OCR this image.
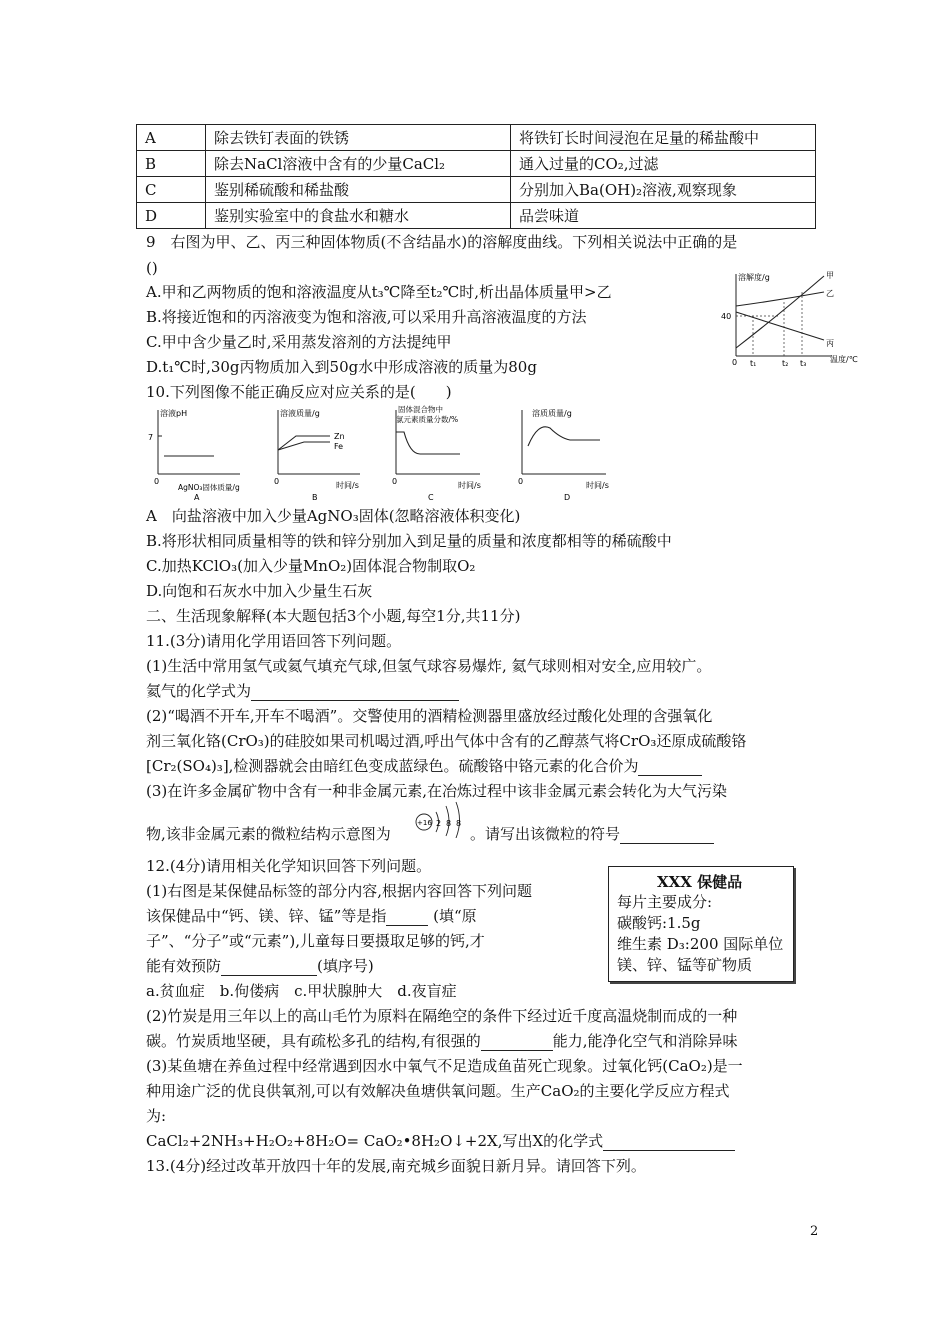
A	除去铁钉表面的铁锈	将铁钉长时间浸泡在足量的稀盐酸中
B	除去NaCl溶液中含有的少量CaCl₂	通入过量的CO₂,过滤
C	鉴别稀硫酸和稀盐酸	分别加入Ba(OH)₂溶液,观察现象
D	鉴别实验室中的食盐水和糖水	品尝味道
9　右图为甲、乙、丙三种固体物质(不含结晶水)的溶解度曲线。下列相关说法中正确的是
()
A.甲和乙两物质的饱和溶液温度从t₃℃降至t₂℃时,析出晶体质量甲>乙
B.将接近饱和的丙溶液变为饱和溶液,可以采用升高溶液温度的方法
C.甲中含少量乙时,采用蒸发溶剂的方法提纯甲
D.t₁℃时,30g丙物质加入到50g水中形成溶液的质量为80g
溶解度/g
温度/℃
40
0 t₁	t₂ t₃
甲
乙
丙
10.下列图像不能正确反应对应关系的是(　　)
溶液pH
7
0
AgNO₃固体质量/g
A
溶液质量/g
0	时间/s
B
Zn
Fe
固体混合物中
氯元素质量分数/%
0	时间/s
C
溶质质量/g
0	时间/s
D
A　向盐溶液中加入少量AgNO₃固体(忽略溶液体积变化)
B.将形状相同质量相等的铁和锌分别加入到足量的质量和浓度都相等的稀硫酸中
C.加热KClO₃(加入少量MnO₂)固体混合物制取O₂
D.向饱和石灰水中加入少量生石灰
二、生活现象解释(本大题包括3个小题,每空1分,共11分)
11.(3分)请用化学用语回答下列问题。
(1)生活中常用氢气或氦气填充气球,但氢气球容易爆炸, 氦气球则相对安全,应用较广。
氦气的化学式为
(2)“喝酒不开车,开车不喝酒”。交警使用的酒精检测器里盛放经过酸化处理的含强氧化
剂三氧化铬(CrO₃)的硅胶如果司机喝过酒,呼出气体中含有的乙醇蒸气将CrO₃还原成硫酸铬
[Cr₂(SO₄)₃],检测器就会由暗红色变成蓝绿色。硫酸铬中铬元素的化合价为
(3)在许多金属矿物中含有一种非金属元素,在冶炼过程中该非金属元素会转化为大气污染
物,该非金属元素的微粒结构示意图为
+16 2 8 8
。请写出该微粒的符号
12.(4分)请用相关化学知识回答下列问题。
(1)右图是某保健品标签的部分内容,根据内容回答下列问题
该保健品中“钙、镁、锌、锰”等是指	(填“原
子”、“分子”或“元素”),儿童每日要摄取足够的钙,才
能有效预防	(填序号)
a.贫血症　b.佝偻病　c.甲状腺肿大　d.夜盲症
XXX 保健品
每片主要成分:
碳酸钙:1.5g
维生素 D₃:200 国际单位
镁、锌、锰等矿物质
(2)竹炭是用三年以上的高山毛竹为原料在隔绝空的条件下经过近千度高温烧制而成的一种
碳。竹炭质地坚硬，具有疏松多孔的结构,有很强的	能力,能净化空气和消除异味
(3)某鱼塘在养鱼过程中经常遇到因水中氧气不足造成鱼苗死亡现象。过氧化钙(CaO₂)是一
种用途广泛的优良供氧剂,可以有效解决鱼塘供氧问题。生产CaO₂的主要化学反应方程式
为:
CaCl₂+2NH₃+H₂O₂+8H₂O= CaO₂•8H₂O↓+2X,写出X的化学式
13.(4分)经过改革开放四十年的发展,南充城乡面貌日新月异。请回答下列。
2
